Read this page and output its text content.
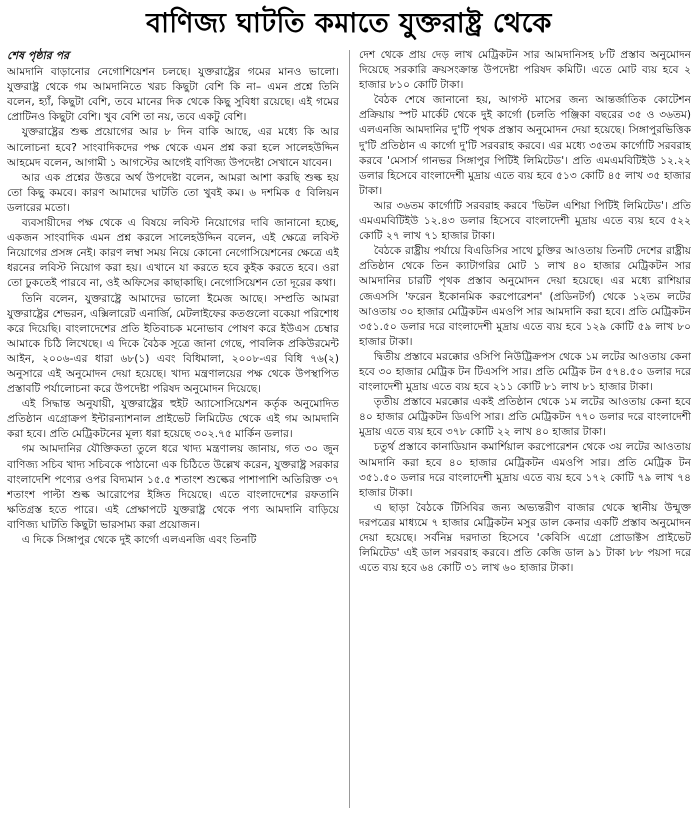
বাণিজ্য ঘাটতি কমাতে যুক্তরাষ্ট্র থেকে
শেষ পৃষ্ঠার পর

আমদানি বাড়ানোর নেগোশিয়েশন চলছে। যুক্তরাষ্ট্রের গমের মানও ভালো। যুক্তরাষ্ট্র থেকে গম আমদানিতে খরচ কিছুটা বেশি কি না– এমন প্রশ্নে তিনি বলেন, হ্যাঁ, কিছুটা বেশি, তবে মানের দিক থেকে কিছু সুবিধা রয়েছে। এই গমের প্রোটিনও কিছুটা বেশি। খুব বেশি তা নয়, তবে একটু বেশি।

যুক্তরাষ্ট্রের শুল্ক প্রয়োগের আর ৮ দিন বাকি আছে, এর মধ্যে কি আর আলোচনা হবে? সাংবাদিকদের পক্ষ থেকে এমন প্রশ্ন করা হলে সালেহউদ্দিন আহমেদ বলেন, আগামী ১ আগস্টের আগেই বাণিজ্য উপদেষ্টা সেখানে যাবেন।

আর এক প্রশ্নের উত্তরে অর্থ উপদেষ্টা বলেন, আমরা আশা করছি শুল্ক হয় তো কিছু কমবে। কারণ আমাদের ঘাটতি তো খুবই কম। ৬ দশমিক ৫ বিলিয়ন ডলারের মতো।

ব্যবসায়ীদের পক্ষ থেকে এ বিষয়ে লবিস্ট নিয়োগের দাবি জানানো হচ্ছে, একজন সাংবাদিক এমন প্রশ্ন করলে সালেহউদ্দিন বলেন, এই ক্ষেত্রে লবিস্ট নিয়োগের প্রসঙ্গ নেই। কারণ লম্বা সময় নিয়ে কোনো নেগোসিয়েশনের ক্ষেত্রে এই ধরনের লবিস্ট নিয়োগ করা হয়। এখানে যা করতে হবে কুইক করতে হবে। ওরা তো ঢুকতেই পারবে না, ওই অফিসের কাছাকাছি। নেগোসিয়েশন তো দূরের কথা।

তিনি বলেন, যুক্তরাষ্ট্রে আমাদের ভালো ইমেজ আছে। সম্প্রতি আমরা যুক্তরাষ্ট্রের শেভরন, এক্সিলারেট এনার্জি, মেটলাইফের কতগুলো বকেয়া পরিশোধ করে দিয়েছি। বাংলাদেশের প্রতি ইতিবাচক মনোভাব পোষণ করে ইউএস চেম্বার আমাকে চিঠি লিখেছে। এ দিকে বৈঠক সূত্রে জানা গেছে, পাবলিক প্রকিউরমেন্ট আইন, ২০০৬-এর ধারা ৬৮(১) এবং বিধিমালা, ২০০৮-এর বিধি ৭৬(২) অনুসারে এই অনুমোদন দেয়া হয়েছে। খাদ্য মন্ত্রণালয়ের পক্ষ থেকে উপস্থাপিত প্রস্তাবটি পর্যালোচনা করে উপদেষ্টা পরিষদ অনুমোদন দিয়েছে।

এই সিদ্ধান্ত অনুযায়ী, যুক্তরাষ্ট্রের হুইট অ্যাসোসিয়েশন কর্তৃক অনুমোদিত প্রতিষ্ঠান এগ্রোক্রপ ইন্টারন্যাশনাল প্রাইভেট লিমিটেড থেকে এই গম আমদানি করা হবে। প্রতি মেট্রিকটনের মূল্য ধরা হয়েছে ৩০২.৭৫ মার্কিন ডলার।

গম আমদানির যৌক্তিকতা তুলে ধরে খাদ্য মন্ত্রণালয় জানায়, গত ৩০ জুন বাণিজ্য সচিব খাদ্য সচিবকে পাঠানো এক চিঠিতে উল্লেখ করেন, যুক্তরাষ্ট্র সরকার বাংলাদেশি পণ্যের ওপর বিদ্যমান ১৫.৫ শতাংশ শুল্কের পাশাপাশি অতিরিক্ত ৩৭ শতাংশ পাল্টা শুল্ক আরোপের ইঙ্গিত দিয়েছে। এতে বাংলাদেশের রফতানি ক্ষতিগ্রস্ত হতে পারে। এই প্রেক্ষাপটে যুক্তরাষ্ট্র থেকে পণ্য আমদানি বাড়িয়ে বাণিজ্য ঘাটতি কিছুটা ভারসাম্য করা প্রয়োজন।

এ দিকে সিঙ্গাপুর থেকে দুই কার্গো এলএনজি এবং তিনটি

দেশ থেকে প্রায় দেড় লাখ মেট্রিকটন সার আমদানিসহ ৮টি প্রস্তাব অনুমোদন দিয়েছে সরকারি ক্রয়সংক্রান্ত উপদেষ্টা পরিষদ কমিটি। এতে মোট ব্যয় হবে ২ হাজার ৮১০ কোটি টাকা।

বৈঠক শেষে জানানো হয়, আগস্ট মাসের জন্য আন্তর্জাতিক কোটেশন প্রক্রিয়ায় স্পট মার্কেট থেকে দুই কার্গো (চলতি পঞ্জিকা বছরের ৩৫ ও ৩৬তম) এলএনজি আমদানির দু'টি পৃথক প্রস্তাব অনুমোদন দেয়া হয়েছে। সিঙ্গাপুরভিত্তিক দু'টি প্রতিষ্ঠান এ কার্গো দু'টি সরবরাহ করবে। এর মধ্যে ৩৫তম কার্গোটি সরবরাহ করবে 'মেসার্স গানভর সিঙ্গাপুর পিটিই লিমিটেড'। প্রতি এমএমবিটিইউ ১২.২২ ডলার হিসেবে বাংলাদেশী মুদ্রায় এতে ব্যয় হবে ৫১৩ কোটি ৪৫ লাখ ৩৫ হাজার টাকা।

আর ৩৬তম কার্গোটি সরবরাহ করবে 'ভিটল এশিয়া পিটিই লিমিটেড'। প্রতি এমএমবিটিইউ ১২.৪৩ ডলার হিসেবে বাংলাদেশী মুদ্রায় এতে ব্যয় হবে ৫২২ কোটি ২৭ লাখ ৭১ হাজার টাকা।

বৈঠকে রাষ্ট্রীয় পর্যায়ে বিএডিসির সাথে চুক্তির আওতায় তিনটি দেশের রাষ্ট্রীয় প্রতিষ্ঠান থেকে তিন ক্যাটাগরির মোট ১ লাখ ৪০ হাজার মেট্রিকটন সার আমদানির চারটি পৃথক প্রস্তাব অনুমোদন দেয়া হয়েছে। এর মধ্যে রাশিয়ার জেএসসি 'ফরেন ইকোনমিক করপোরেশন' (প্রডিনটর্গ) থেকে ১২তম লটের আওতায় ৩০ হাজার মেট্রিকটন এমওপি সার আমদানি করা হবে। প্রতি মেট্রিকটন ৩৫১.৫০ ডলার দরে বাংলাদেশী মুদ্রায় এতে ব্যয় হবে ১২৯ কোটি ৫৯ লাখ ৮০ হাজার টাকা।

দ্বিতীয় প্রস্তাবে মরক্কোর ওসিপি নিউট্রিক্রপস থেকে ১ম লটের আওতায় কেনা হবে ৩০ হাজার মেট্রিক টন টিএসপি সার। প্রতি মেট্রিক টন ৫৭৪.৫০ ডলার দরে বাংলাদেশী মুদ্রায় এতে ব্যয় হবে ২১১ কোটি ৮১ লাখ ৮১ হাজার টাকা।

তৃতীয় প্রস্তাবে মরক্কোর একই প্রতিষ্ঠান থেকে ১ম লটের আওতায় কেনা হবে ৪০ হাজার মেট্রিকটন ডিএপি সার। প্রতি মেট্রিকটন ৭৭০ ডলার দরে বাংলাদেশী মুদ্রায় এতে ব্যয় হবে ৩৭৮ কোটি ২২ লাখ ৪০ হাজার টাকা।

চতুর্থ প্রস্তাবে কানাডিয়ান কমার্শিয়াল করপোরেশন থেকে ৩য় লটের আওতায় আমদানি করা হবে ৪০ হাজার মেট্রিকটন এমওপি সার। প্রতি মেট্রিক টন ৩৫১.৫০ ডলার দরে বাংলাদেশী মুদ্রায় এতে ব্যয় হবে ১৭২ কোটি ৭৯ লাখ ৭৪ হাজার টাকা।

এ ছাড়া বৈঠকে টিসিবির জন্য অভ্যন্তরীণ বাজার থেকে স্থানীয় উন্মুক্ত দরপত্রের মাধ্যমে ৭ হাজার মেট্রিকটন মসুর ডাল কেনার একটি প্রস্তাব অনুমোদন দেয়া হয়েছে। সর্বনিম্ন দরদাতা হিসেবে 'কেবিসি এগ্রো প্রোডাক্টস প্রাইভেট লিমিটেড' এই ডাল সরবরাহ করবে। প্রতি কেজি ডাল ৯১ টাকা ৮৮ পয়সা দরে এতে ব্যয় হবে ৬৪ কোটি ৩১ লাখ ৬০ হাজার টাকা।
